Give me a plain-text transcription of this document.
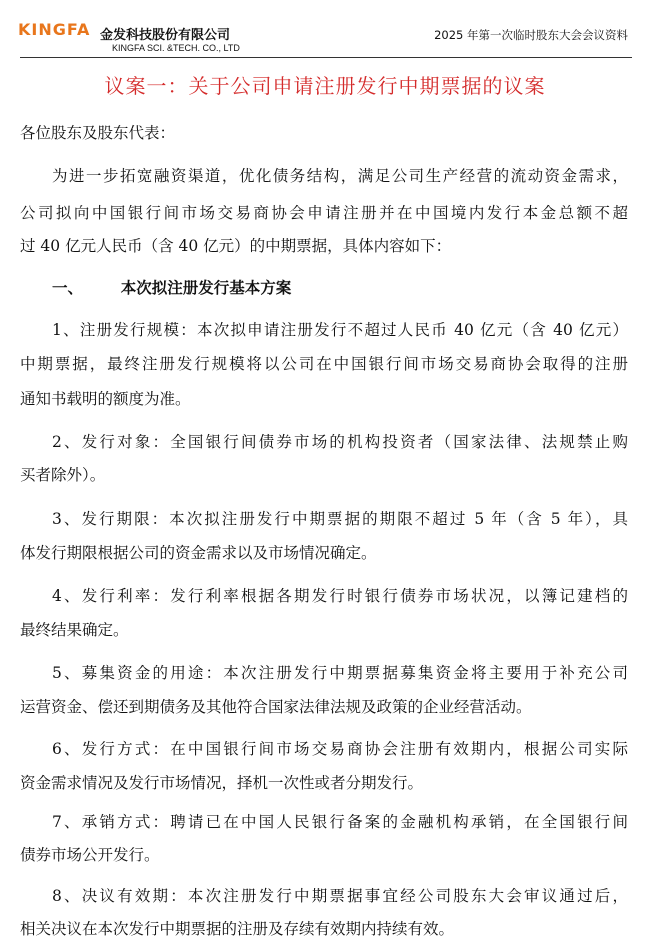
KINGFA 金发科技股份有限公司
KINGFA SCI. &TECH. CO., LTD
2025 年第一次临时股东大会会议资料
议案一：关于公司申请注册发行中期票据的议案
各位股东及股东代表：
为进一步拓宽融资渠道，优化债务结构，满足公司生产经营的流动资金需求，
公司拟向中国银行间市场交易商协会申请注册并在中国境内发行本金总额不超
过 40 亿元人民币（含 40 亿元）的中期票据，具体内容如下：
一、       本次拟注册发行基本方案
1、注册发行规模：本次拟申请注册发行不超过人民币 40 亿元（含 40 亿元）
中期票据，最终注册发行规模将以公司在中国银行间市场交易商协会取得的注册
通知书载明的额度为准。
2、发行对象：全国银行间债券市场的机构投资者（国家法律、法规禁止购
买者除外）。
3、发行期限：本次拟注册发行中期票据的期限不超过 5 年（含 5 年），具
体发行期限根据公司的资金需求以及市场情况确定。
4、发行利率：发行利率根据各期发行时银行债券市场状况，以簿记建档的
最终结果确定。
5、募集资金的用途：本次注册发行中期票据募集资金将主要用于补充公司
运营资金、偿还到期债务及其他符合国家法律法规及政策的企业经营活动。
6、发行方式：在中国银行间市场交易商协会注册有效期内，根据公司实际
资金需求情况及发行市场情况，择机一次性或者分期发行。
7、承销方式：聘请已在中国人民银行备案的金融机构承销，在全国银行间
债券市场公开发行。
8、决议有效期：本次注册发行中期票据事宜经公司股东大会审议通过后，
相关决议在本次发行中期票据的注册及存续有效期内持续有效。
